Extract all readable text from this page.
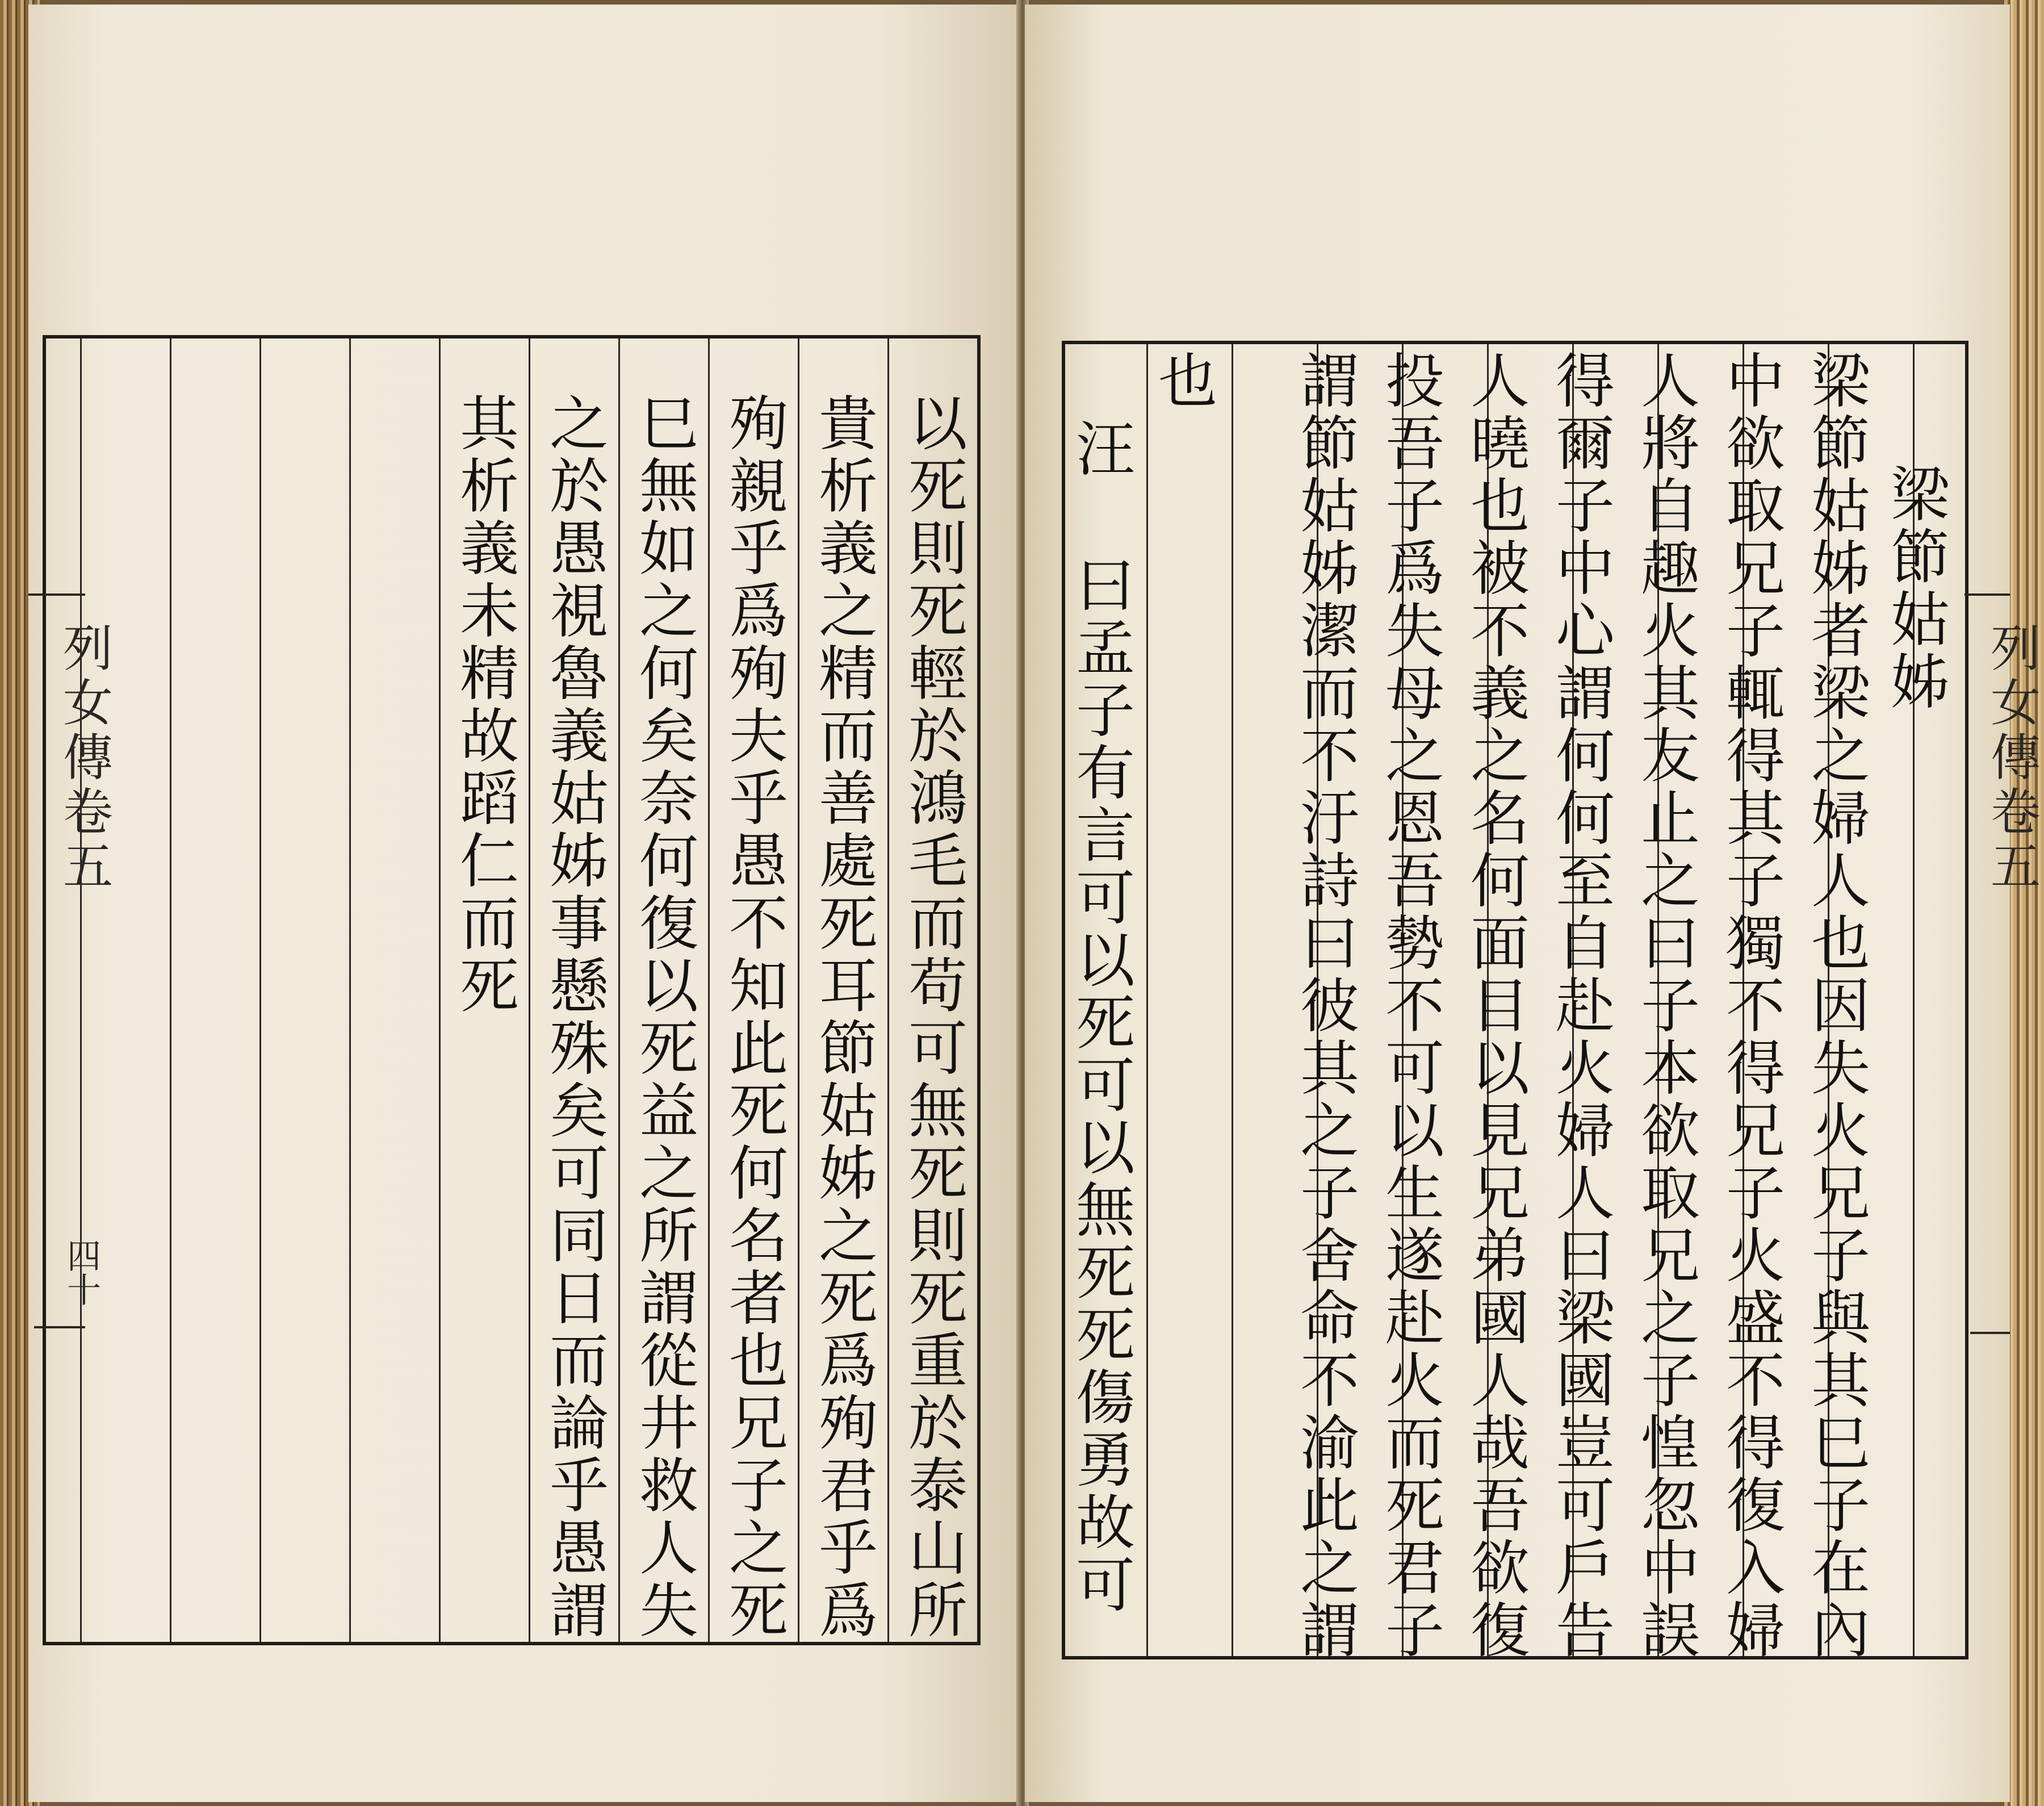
以死則死輕於鴻毛而苟可無死則死重於泰山所
貴析義之精而善處死耳節姑姊之死爲殉君乎爲
殉親乎爲殉夫乎愚不知此死何名者也兄子之死
巳無如之何矣奈何復以死益之所謂從井救人失
之於愚視魯義姑姊事懸殊矣可同日而論乎愚謂
其析義未精故蹈仁而死
列女傳卷五
四十
梁節姑姊
梁節姑姊者梁之婦人也因失火兄子與其巳子在內
中欲取兄子輒得其子獨不得兄子火盛不得復入婦
人將自趣火其友止之曰子本欲取兄之子惶忽中誤
得爾子中心謂何何至自赴火婦人曰梁國豈可戶告
人曉也被不義之名何面目以見兄弟國人哉吾欲復
投吾子爲失母之恩吾勢不可以生遂赴火而死君子
謂節姑姊潔而不汙詩曰彼其之子舍命不渝此之謂
也
汪
曰孟子有言可以死可以無死死傷勇故可	列女傳卷五
